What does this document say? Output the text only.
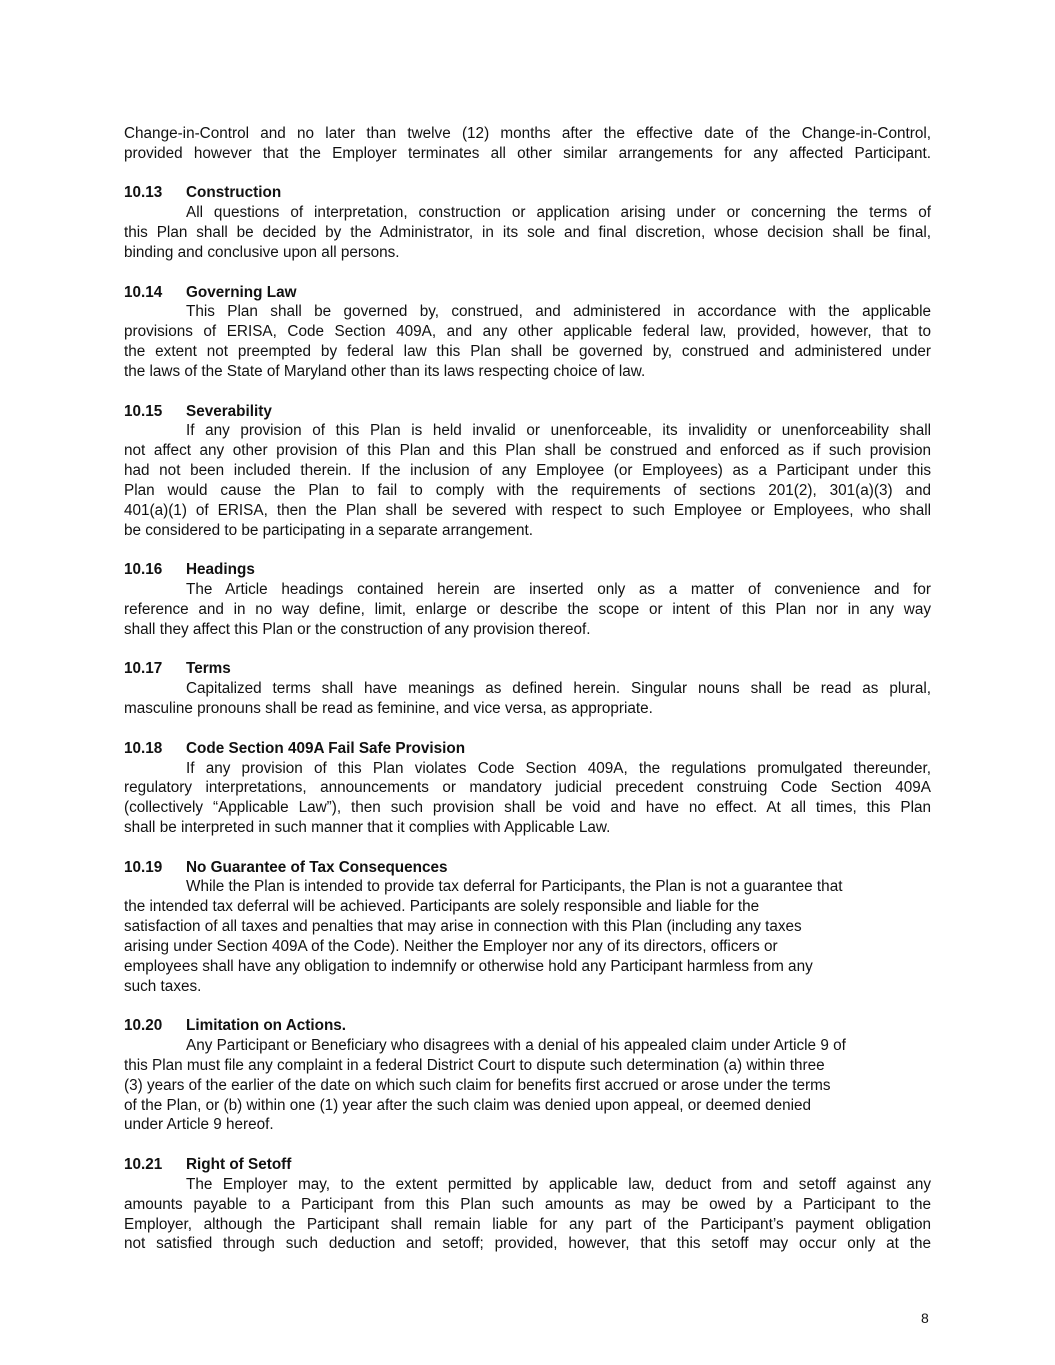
Change-in-Control and no later than twelve (12) months after the effective date of the Change-in-Control,
provided however that the Employer terminates all other similar arrangements for any affected Participant.
10.13	Construction
All questions of interpretation, construction or application arising under or concerning the terms of
this Plan shall be decided by the Administrator, in its sole and final discretion, whose decision shall be final,
binding and conclusive upon all persons.
10.14	Governing Law
This Plan shall be governed by, construed, and administered in accordance with the applicable
provisions of ERISA, Code Section 409A, and any other applicable federal law, provided, however, that to
the extent not preempted by federal law this Plan shall be governed by, construed and administered under
the laws of the State of Maryland other than its laws respecting choice of law.
10.15	Severability
If any provision of this Plan is held invalid or unenforceable, its invalidity or unenforceability shall
not affect any other provision of this Plan and this Plan shall be construed and enforced as if such provision
had not been included therein. If the inclusion of any Employee (or Employees) as a Participant under this
Plan would cause the Plan to fail to comply with the requirements of sections 201(2), 301(a)(3) and
401(a)(1) of ERISA, then the Plan shall be severed with respect to such Employee or Employees, who shall
be considered to be participating in a separate arrangement.
10.16	Headings
The Article headings contained herein are inserted only as a matter of convenience and for
reference and in no way define, limit, enlarge or describe the scope or intent of this Plan nor in any way
shall they affect this Plan or the construction of any provision thereof.
10.17	Terms
Capitalized terms shall have meanings as defined herein. Singular nouns shall be read as plural,
masculine pronouns shall be read as feminine, and vice versa, as appropriate.
10.18	Code Section 409A Fail Safe Provision
If any provision of this Plan violates Code Section 409A, the regulations promulgated thereunder,
regulatory interpretations, announcements or mandatory judicial precedent construing Code Section 409A
(collectively “Applicable Law”), then such provision shall be void and have no effect. At all times, this Plan
shall be interpreted in such manner that it complies with Applicable Law.
10.19	No Guarantee of Tax Consequences
While the Plan is intended to provide tax deferral for Participants, the Plan is not a guarantee that
the intended tax deferral will be achieved. Participants are solely responsible and liable for the
satisfaction of all taxes and penalties that may arise in connection with this Plan (including any taxes
arising under Section 409A of the Code). Neither the Employer nor any of its directors, officers or
employees shall have any obligation to indemnify or otherwise hold any Participant harmless from any
such taxes.
10.20	Limitation on Actions.
Any Participant or Beneficiary who disagrees with a denial of his appealed claim under Article 9 of
this Plan must file any complaint in a federal District Court to dispute such determination (a) within three
(3) years of the earlier of the date on which such claim for benefits first accrued or arose under the terms
of the Plan, or (b) within one (1) year after the such claim was denied upon appeal, or deemed denied
under Article 9 hereof.
10.21	Right of Setoff
The Employer may, to the extent permitted by applicable law, deduct from and setoff against any
amounts payable to a Participant from this Plan such amounts as may be owed by a Participant to the
Employer, although the Participant shall remain liable for any part of the Participant’s payment obligation
not satisfied through such deduction and setoff; provided, however, that this setoff may occur only at the
8
